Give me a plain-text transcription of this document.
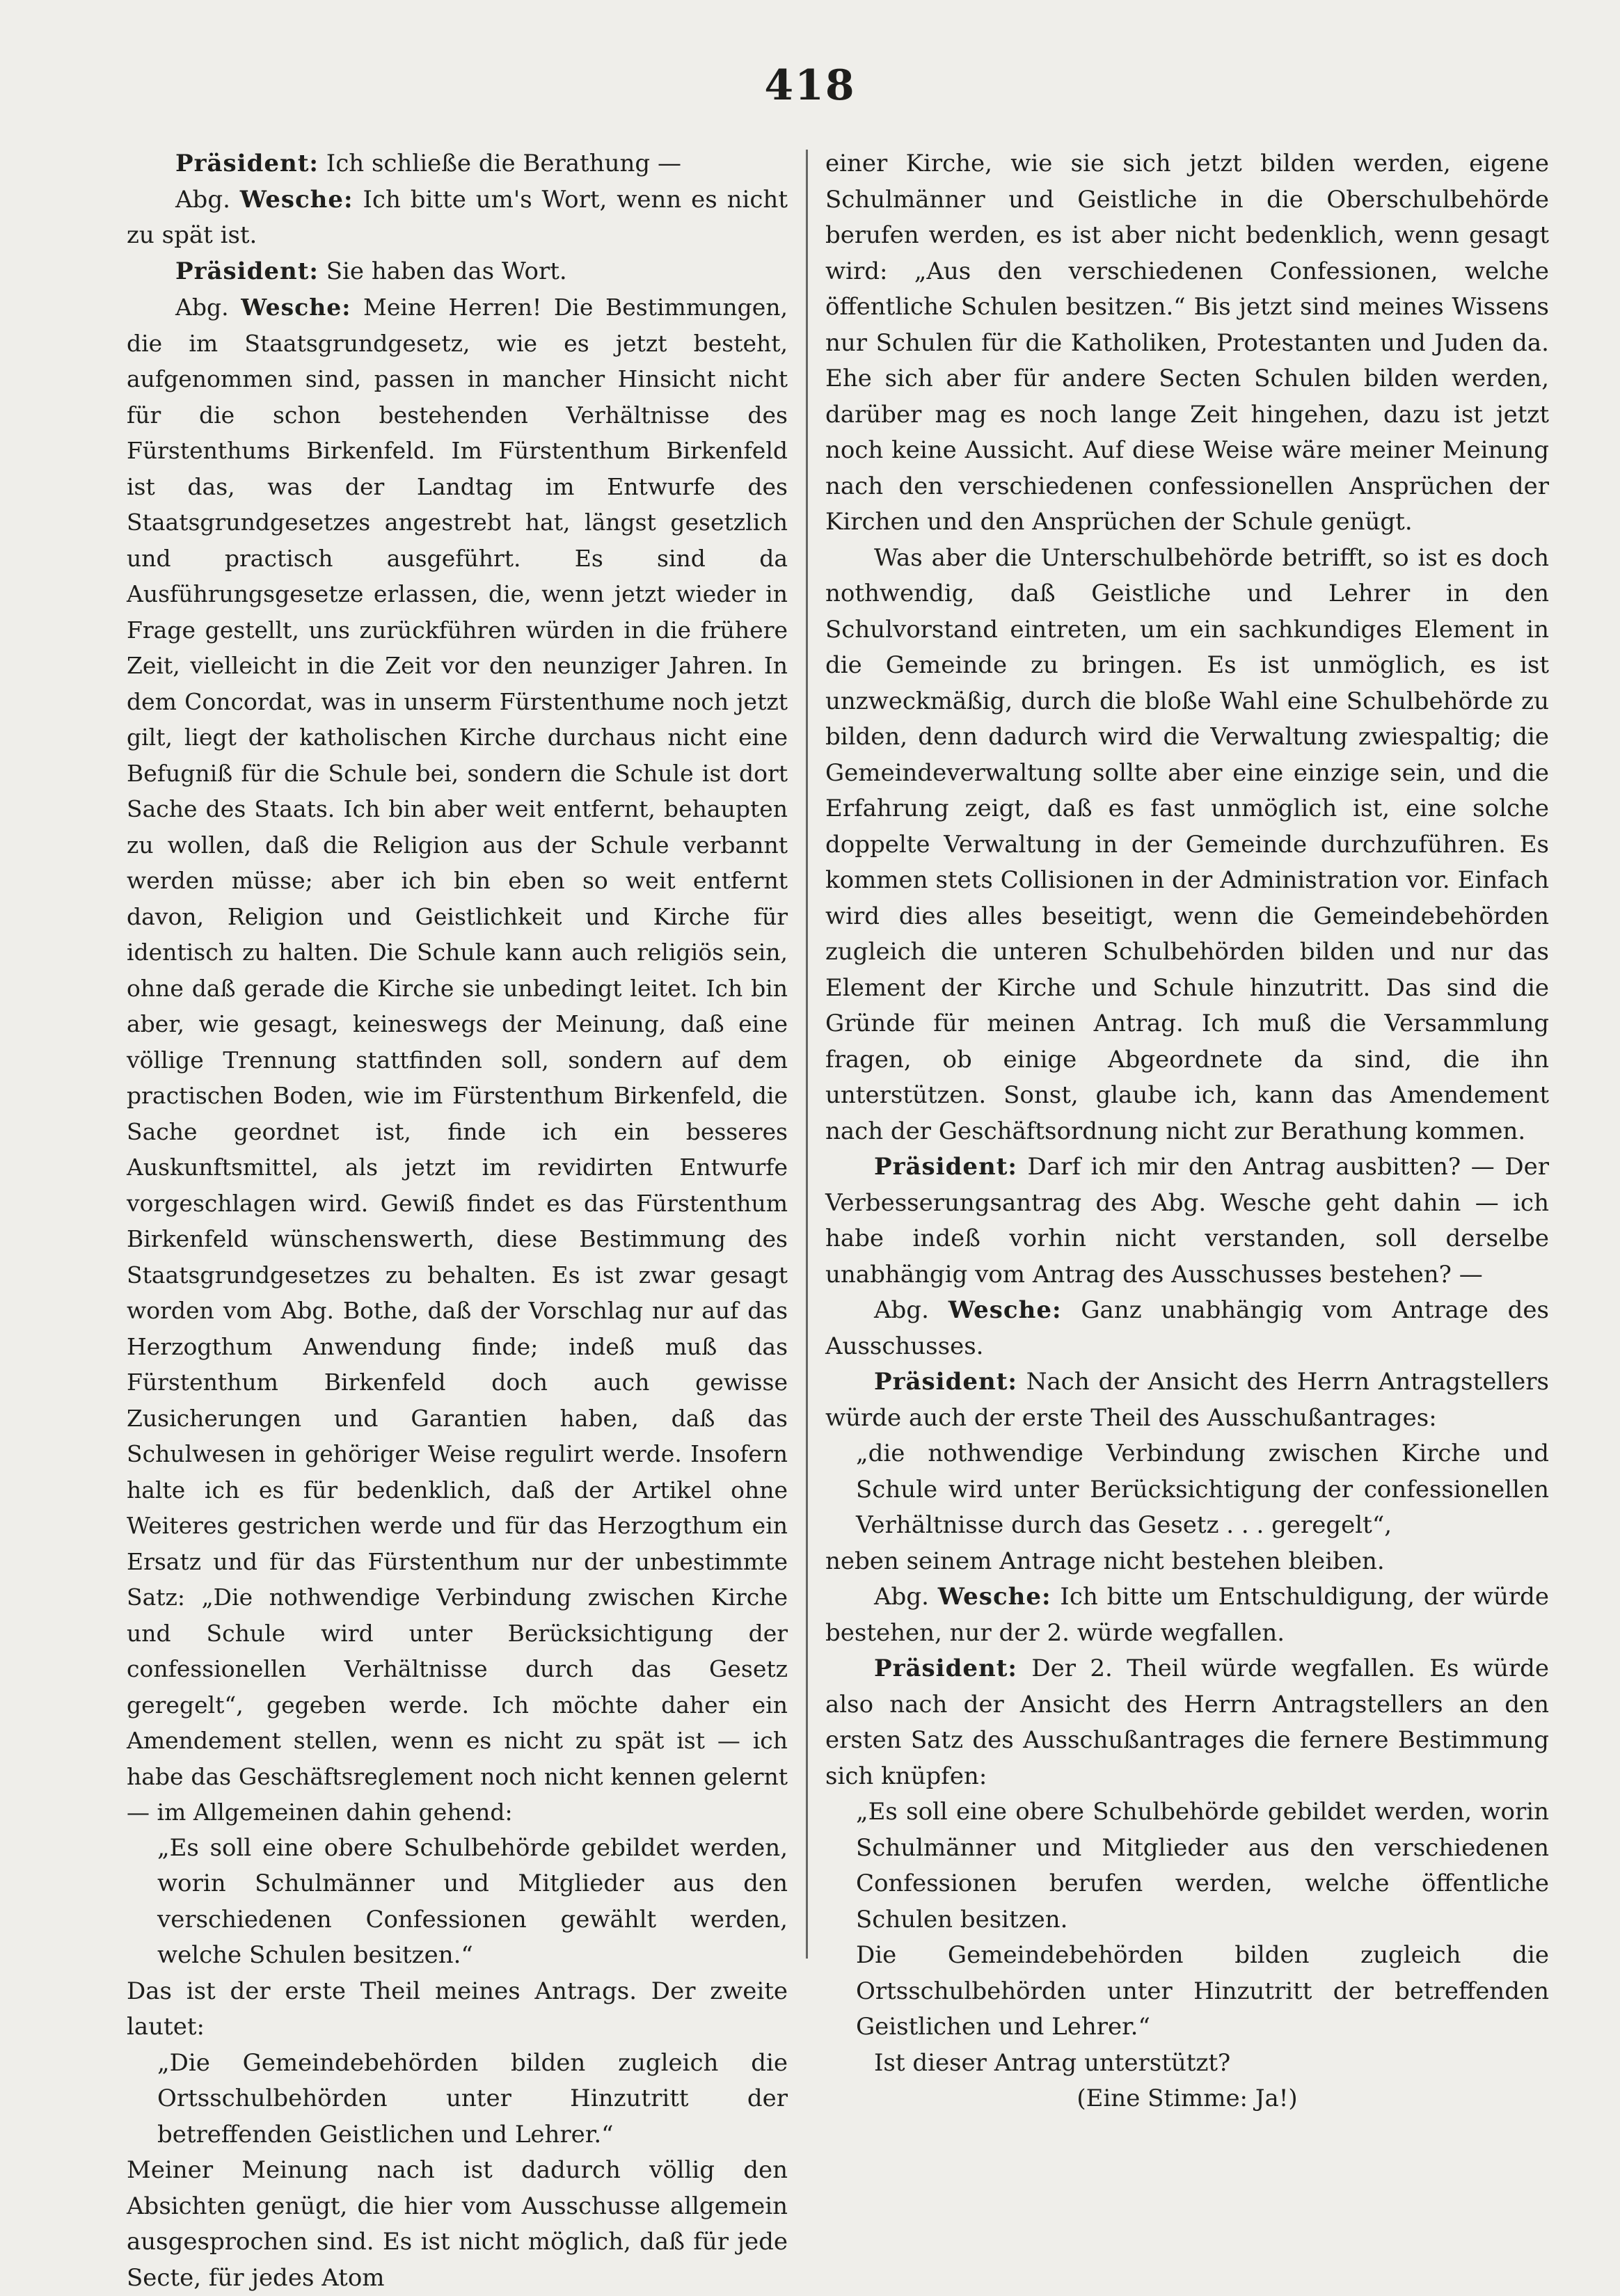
418

Präsident: Ich schließe die Berathung —

Abg. Wesche: Ich bitte um's Wort, wenn es nicht zu spät ist.

Präsident: Sie haben das Wort.

Abg. Wesche: Meine Herren! Die Bestimmungen, die im Staatsgrundgesetz, wie es jetzt besteht, aufgenommen sind, passen in mancher Hinsicht nicht für die schon bestehenden Verhältnisse des Fürstenthums Birkenfeld. Im Fürstenthum Birkenfeld ist das, was der Landtag im Entwurfe des Staatsgrundgesetzes angestrebt hat, längst gesetzlich und practisch ausgeführt. Es sind da Ausführungsgesetze erlassen, die, wenn jetzt wieder in Frage gestellt, uns zurückführen würden in die frühere Zeit, vielleicht in die Zeit vor den neunziger Jahren. In dem Concordat, was in unserm Fürstenthume noch jetzt gilt, liegt der katholischen Kirche durchaus nicht eine Befugniß für die Schule bei, sondern die Schule ist dort Sache des Staats. Ich bin aber weit entfernt, behaupten zu wollen, daß die Religion aus der Schule verbannt werden müsse; aber ich bin eben so weit entfernt davon, Religion und Geistlichkeit und Kirche für identisch zu halten. Die Schule kann auch religiös sein, ohne daß gerade die Kirche sie unbedingt leitet. Ich bin aber, wie gesagt, keineswegs der Meinung, daß eine völlige Trennung stattfinden soll, sondern auf dem practischen Boden, wie im Fürstenthum Birkenfeld, die Sache geordnet ist, finde ich ein besseres Auskunftsmittel, als jetzt im revidirten Entwurfe vorgeschlagen wird. Gewiß findet es das Fürstenthum Birkenfeld wünschenswerth, diese Bestimmung des Staatsgrundgesetzes zu behalten. Es ist zwar gesagt worden vom Abg. Bothe, daß der Vorschlag nur auf das Herzogthum Anwendung finde; indeß muß das Fürstenthum Birkenfeld doch auch gewisse Zusicherungen und Garantien haben, daß das Schulwesen in gehöriger Weise regulirt werde. Insofern halte ich es für bedenklich, daß der Artikel ohne Weiteres gestrichen werde und für das Herzogthum ein Ersatz und für das Fürstenthum nur der unbestimmte Satz: „Die nothwendige Verbindung zwischen Kirche und Schule wird unter Berücksichtigung der confessionellen Verhältnisse durch das Gesetz geregelt“, gegeben werde. Ich möchte daher ein Amendement stellen, wenn es nicht zu spät ist — ich habe das Geschäftsreglement noch nicht kennen gelernt — im Allgemeinen dahin gehend:

„Es soll eine obere Schulbehörde gebildet werden, worin Schulmänner und Mitglieder aus den verschiedenen Confessionen gewählt werden, welche Schulen besitzen.“

Das ist der erste Theil meines Antrags. Der zweite lautet:

„Die Gemeindebehörden bilden zugleich die Ortsschulbehörden unter Hinzutritt der betreffenden Geistlichen und Lehrer.“

Meiner Meinung nach ist dadurch völlig den Absichten genügt, die hier vom Ausschusse allgemein ausgesprochen sind. Es ist nicht möglich, daß für jede Secte, für jedes Atom

einer Kirche, wie sie sich jetzt bilden werden, eigene Schulmänner und Geistliche in die Oberschulbehörde berufen werden, es ist aber nicht bedenklich, wenn gesagt wird: „Aus den verschiedenen Confessionen, welche öffentliche Schulen besitzen.“ Bis jetzt sind meines Wissens nur Schulen für die Katholiken, Protestanten und Juden da. Ehe sich aber für andere Secten Schulen bilden werden, darüber mag es noch lange Zeit hingehen, dazu ist jetzt noch keine Aussicht. Auf diese Weise wäre meiner Meinung nach den verschiedenen confessionellen Ansprüchen der Kirchen und den Ansprüchen der Schule genügt.

Was aber die Unterschulbehörde betrifft, so ist es doch nothwendig, daß Geistliche und Lehrer in den Schulvorstand eintreten, um ein sachkundiges Element in die Gemeinde zu bringen. Es ist unmöglich, es ist unzweckmäßig, durch die bloße Wahl eine Schulbehörde zu bilden, denn dadurch wird die Verwaltung zwiespaltig; die Gemeindeverwaltung sollte aber eine einzige sein, und die Erfahrung zeigt, daß es fast unmöglich ist, eine solche doppelte Verwaltung in der Gemeinde durchzuführen. Es kommen stets Collisionen in der Administration vor. Einfach wird dies alles beseitigt, wenn die Gemeindebehörden zugleich die unteren Schulbehörden bilden und nur das Element der Kirche und Schule hinzutritt. Das sind die Gründe für meinen Antrag. Ich muß die Versammlung fragen, ob einige Abgeordnete da sind, die ihn unterstützen. Sonst, glaube ich, kann das Amendement nach der Geschäftsordnung nicht zur Berathung kommen.

Präsident: Darf ich mir den Antrag ausbitten? — Der Verbesserungsantrag des Abg. Wesche geht dahin — ich habe indeß vorhin nicht verstanden, soll derselbe unabhängig vom Antrag des Ausschusses bestehen? —

Abg. Wesche: Ganz unabhängig vom Antrage des Ausschusses.

Präsident: Nach der Ansicht des Herrn Antragstellers würde auch der erste Theil des Ausschußantrages:

„die nothwendige Verbindung zwischen Kirche und Schule wird unter Berücksichtigung der confessionellen Verhältnisse durch das Gesetz . . . geregelt“,

neben seinem Antrage nicht bestehen bleiben.

Abg. Wesche: Ich bitte um Entschuldigung, der würde bestehen, nur der 2. würde wegfallen.

Präsident: Der 2. Theil würde wegfallen. Es würde also nach der Ansicht des Herrn Antragstellers an den ersten Satz des Ausschußantrages die fernere Bestimmung sich knüpfen:

„Es soll eine obere Schulbehörde gebildet werden, worin Schulmänner und Mitglieder aus den verschiedenen Confessionen berufen werden, welche öffentliche Schulen besitzen.

Die Gemeindebehörden bilden zugleich die Ortsschulbehörden unter Hinzutritt der betreffenden Geistlichen und Lehrer.“

Ist dieser Antrag unterstützt?

(Eine Stimme: Ja!)
